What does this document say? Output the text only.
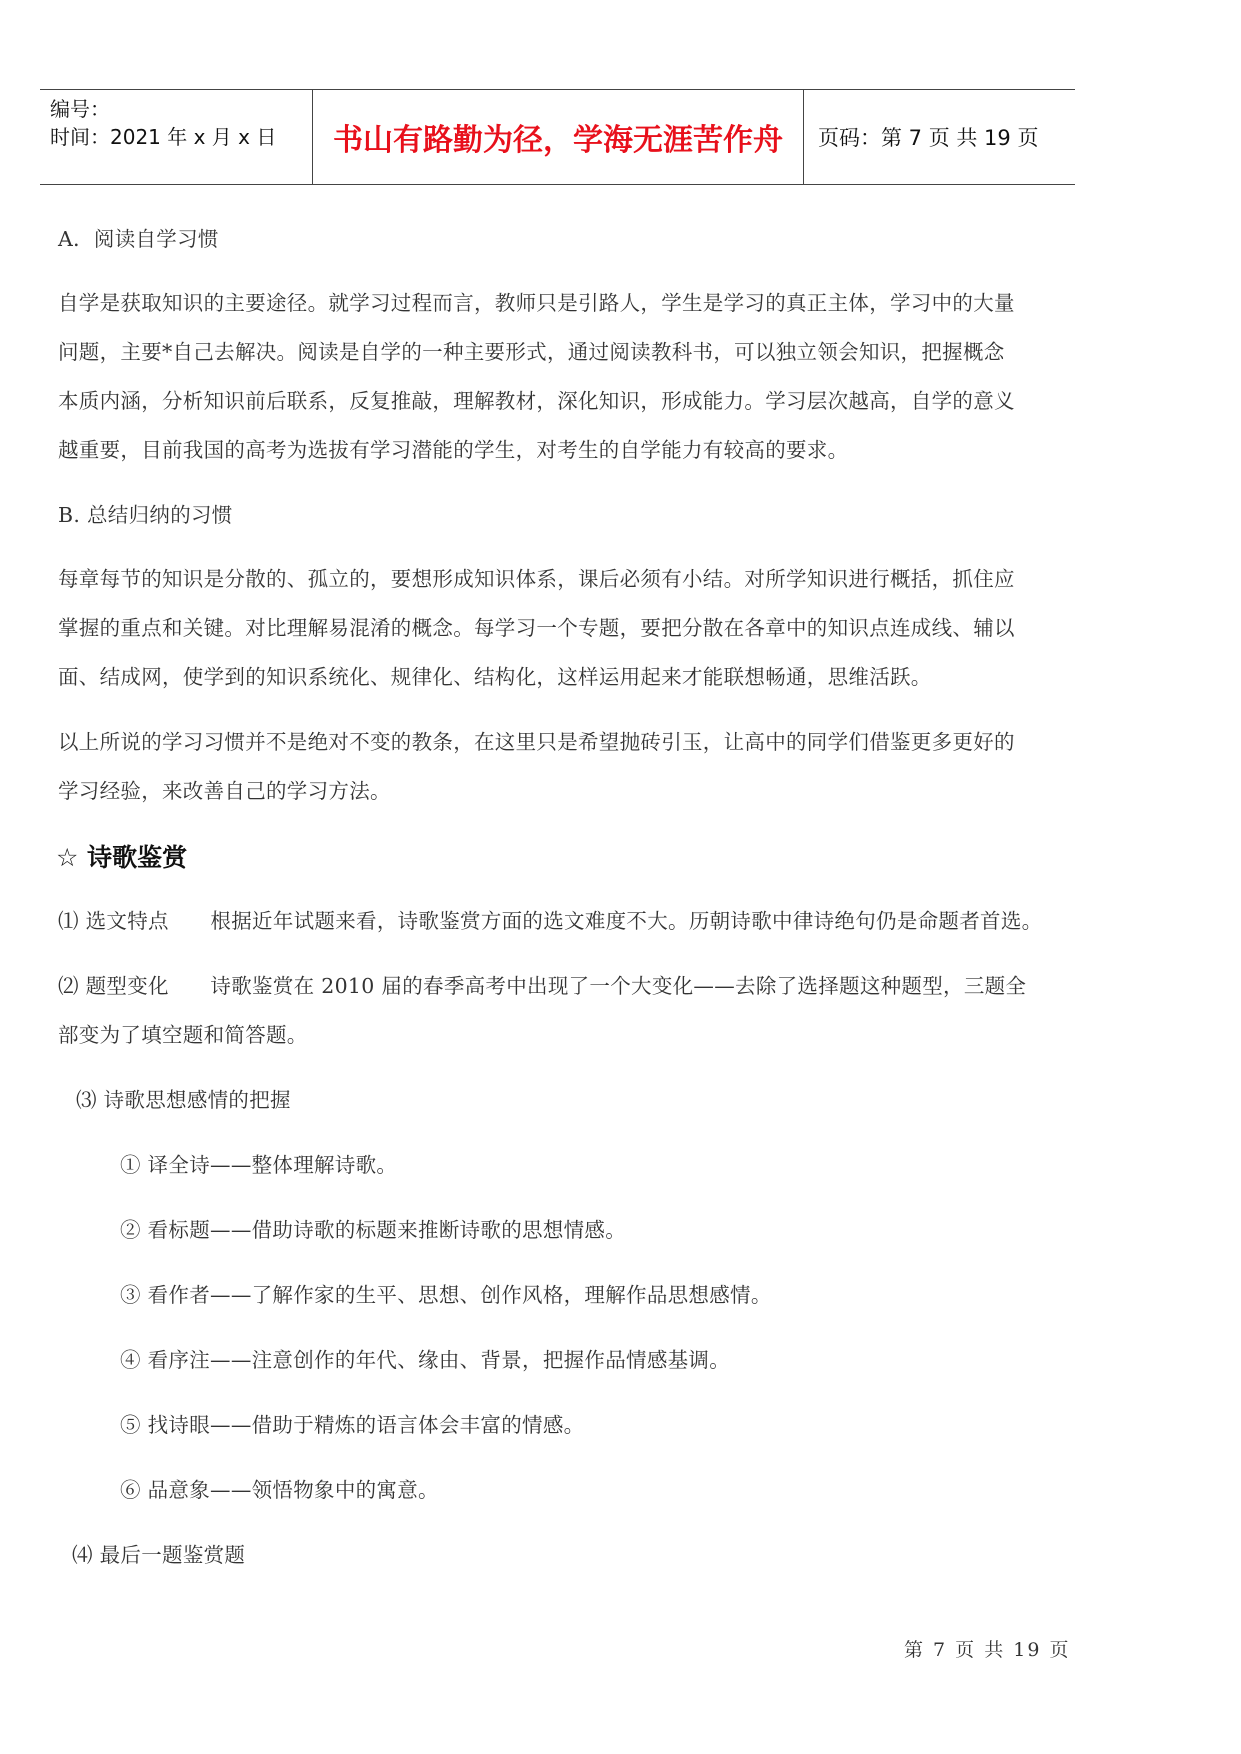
编号：
时间：2021 年 x 月 x 日	书山有路勤为径，学海无涯苦作舟 页码：第 7 页 共 19 页
A．阅读自学习惯
自学是获取知识的主要途径。就学习过程而言，教师只是引路人，学生是学习的真正主体，学习中的大量
问题，主要*自己去解决。阅读是自学的一种主要形式，通过阅读教科书，可以独立领会知识，把握概念
本质内涵，分析知识前后联系，反复推敲，理解教材，深化知识，形成能力。学习层次越高，自学的意义
越重要，目前我国的高考为选拔有学习潜能的学生，对考生的自学能力有较高的要求。
B. 总结归纳的习惯
每章每节的知识是分散的、孤立的，要想形成知识体系，课后必须有小结。对所学知识进行概括，抓住应
掌握的重点和关键。对比理解易混淆的概念。每学习一个专题，要把分散在各章中的知识点连成线、辅以
面、结成网，使学到的知识系统化、规律化、结构化，这样运用起来才能联想畅通，思维活跃。
以上所说的学习习惯并不是绝对不变的教条，在这里只是希望抛砖引玉，让高中的同学们借鉴更多更好的
学习经验，来改善自己的学习方法。
☆ 诗歌鉴赏
⑴ 选文特点　　根据近年试题来看，诗歌鉴赏方面的选文难度不大。历朝诗歌中律诗绝句仍是命题者首选。
⑵ 题型变化　　诗歌鉴赏在 2010 届的春季高考中出现了一个大变化——去除了选择题这种题型，三题全
部变为了填空题和简答题。
⑶ 诗歌思想感情的把握
① 译全诗——整体理解诗歌。
② 看标题——借助诗歌的标题来推断诗歌的思想情感。
③ 看作者——了解作家的生平、思想、创作风格，理解作品思想感情。
④ 看序注——注意创作的年代、缘由、背景，把握作品情感基调。
⑤ 找诗眼——借助于精炼的语言体会丰富的情感。
⑥ 品意象——领悟物象中的寓意。
⑷ 最后一题鉴赏题
第 7 页 共 19 页
